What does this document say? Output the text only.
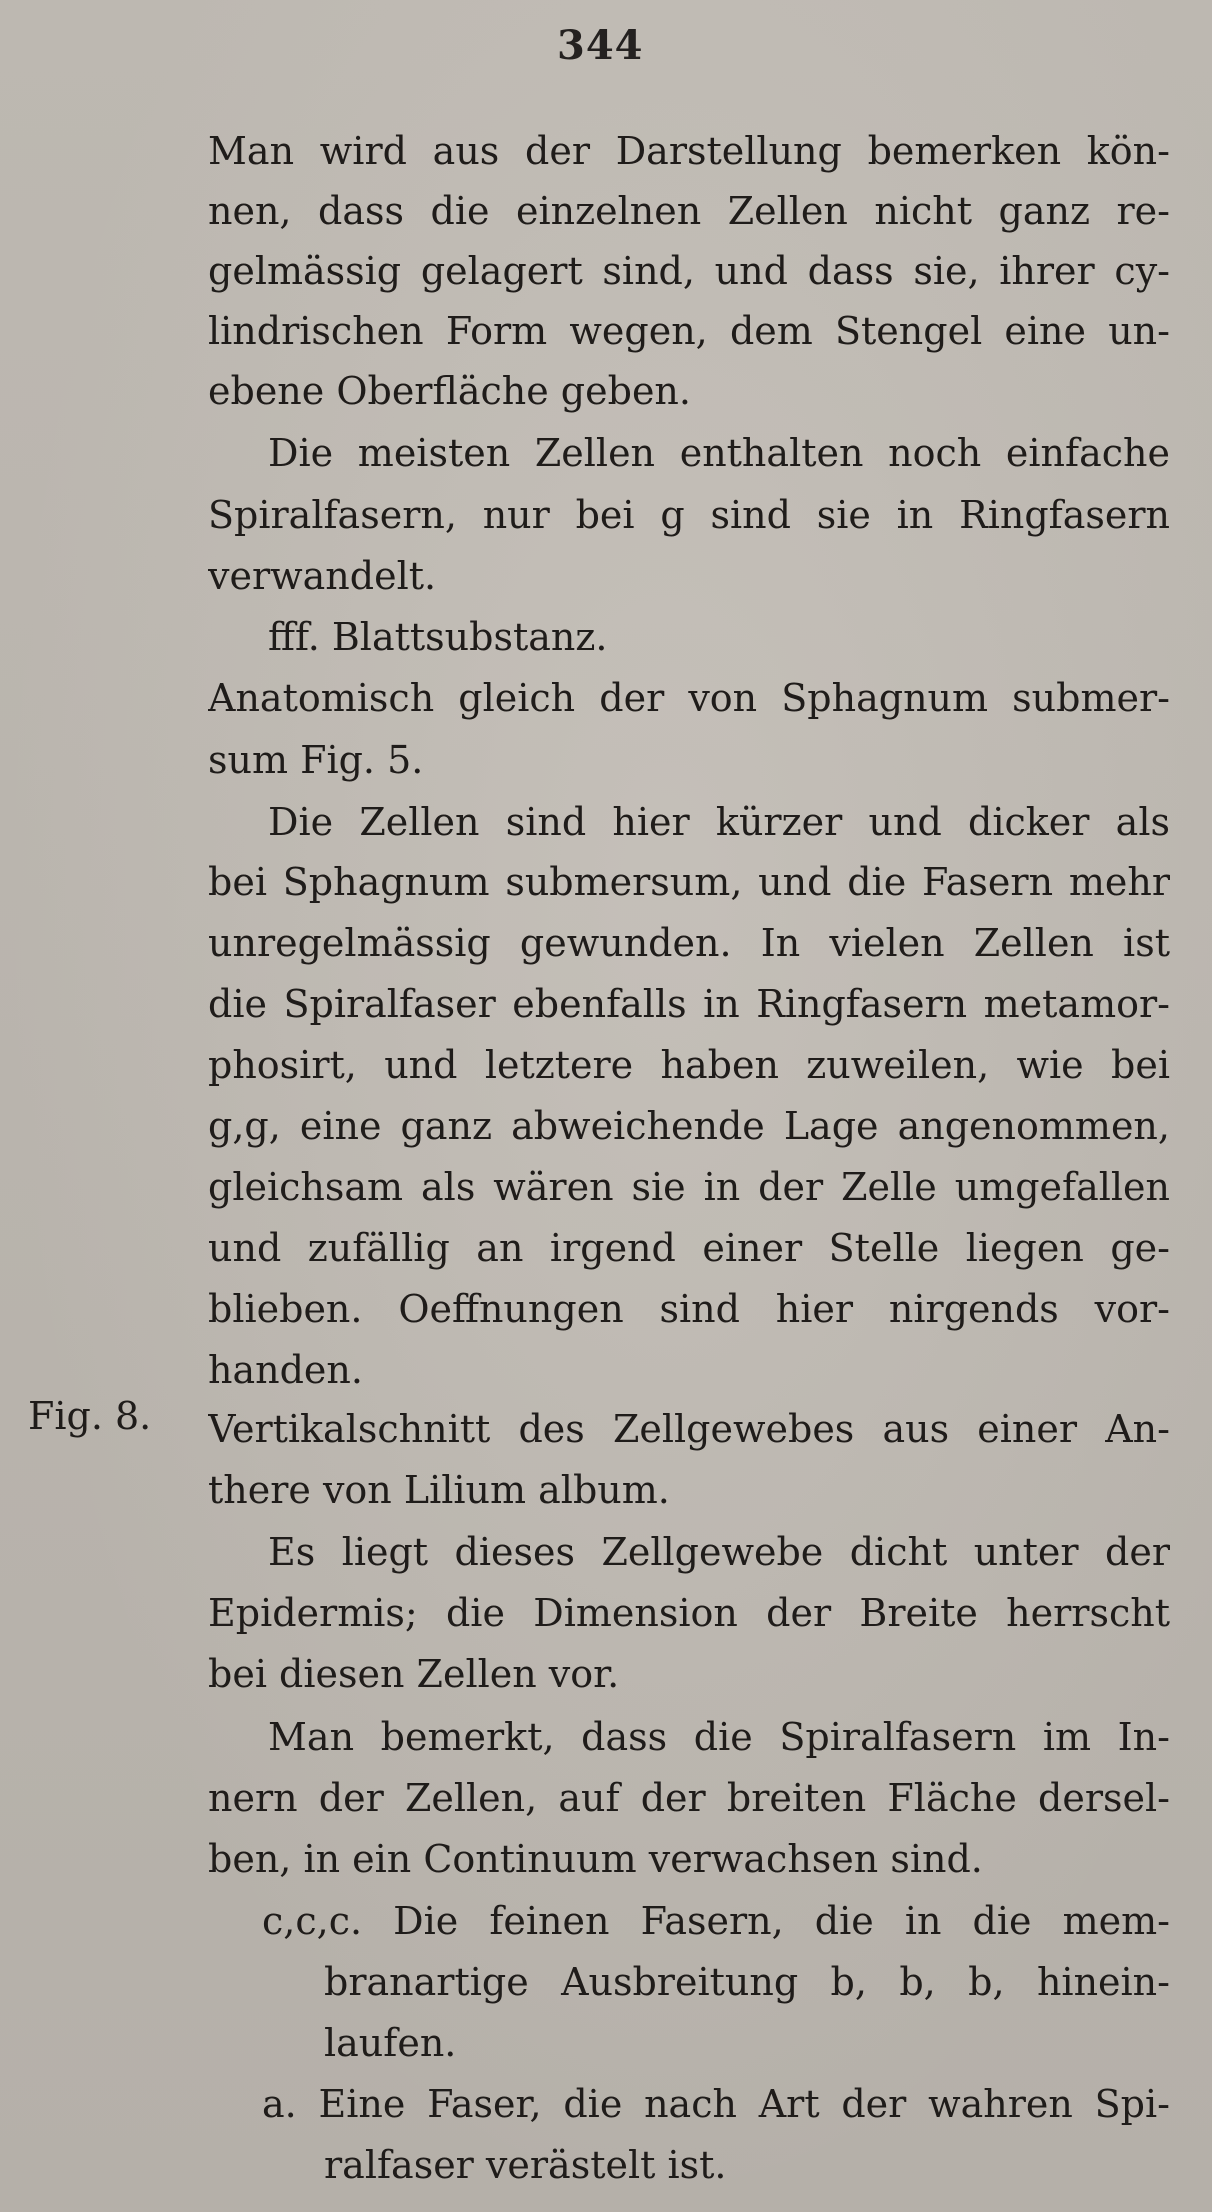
344
Fig. 8.
Man wird aus der Darstellung bemerken kön-
nen, dass die einzelnen Zellen nicht ganz re-
gelmässig gelagert sind, und dass sie, ihrer cy-
lindrischen Form wegen, dem Stengel eine un-
ebene Oberfläche geben.
Die meisten Zellen enthalten noch einfache
Spiralfasern, nur bei g sind sie in Ringfasern
verwandelt.
fff. Blattsubstanz.
Anatomisch gleich der von Sphagnum submer-
sum Fig. 5.
Die Zellen sind hier kürzer und dicker als
bei Sphagnum submersum, und die Fasern mehr
unregelmässig gewunden. In vielen Zellen ist
die Spiralfaser ebenfalls in Ringfasern metamor-
phosirt, und letztere haben zuweilen, wie bei
g,g, eine ganz abweichende Lage angenommen,
gleichsam als wären sie in der Zelle umgefallen
und zufällig an irgend einer Stelle liegen ge-
blieben. Oeffnungen sind hier nirgends vor-
handen.
Vertikalschnitt des Zellgewebes aus einer An-
there von Lilium album.
Es liegt dieses Zellgewebe dicht unter der
Epidermis; die Dimension der Breite herrscht
bei diesen Zellen vor.
Man bemerkt, dass die Spiralfasern im In-
nern der Zellen, auf der breiten Fläche dersel-
ben, in ein Continuum verwachsen sind.
c,c,c. Die feinen Fasern, die in die mem-
branartige Ausbreitung b, b, b, hinein-
laufen.
a. Eine Faser, die nach Art der wahren Spi-
ralfaser verästelt ist.
